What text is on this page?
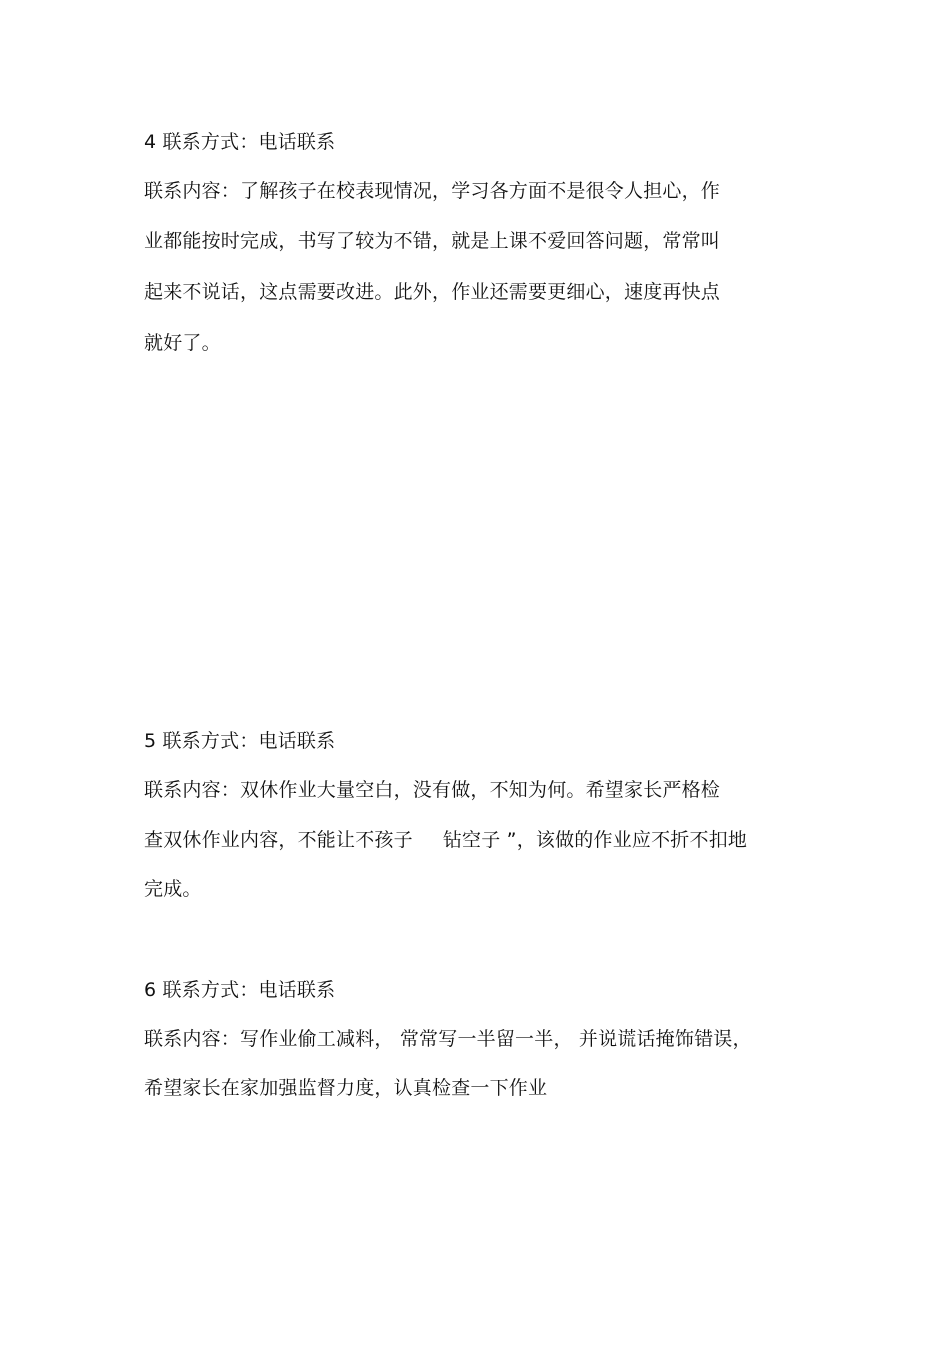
4 联系方式：电话联系
联系内容：了解孩子在校表现情况，学习各方面不是很令人担心，作
业都能按时完成，书写了较为不错，就是上课不爱回答问题，常常叫
起来不说话，这点需要改进。此外，作业还需要更细心，速度再快点
就好了。
5 联系方式：电话联系
联系内容：双休作业大量空白，没有做，不知为何。希望家长严格检
查双休作业内容，不能让不孩子 钻空子 ”，该做的作业应不折不扣地
完成。
6 联系方式：电话联系
联系内容：写作业偷工减料， 常常写一半留一半， 并说谎话掩饰错误，
希望家长在家加强监督力度，认真检查一下作业
